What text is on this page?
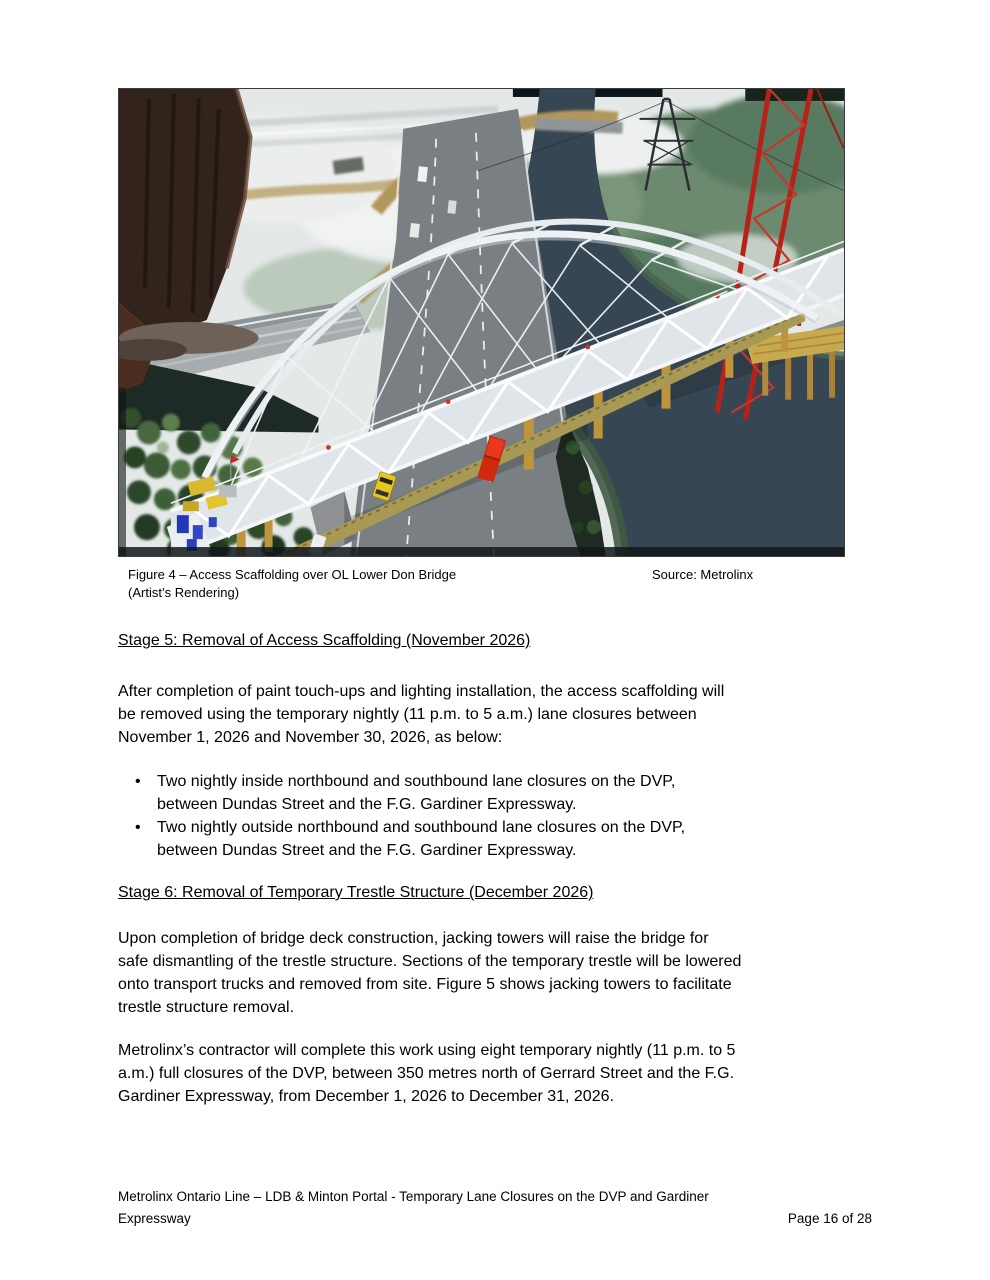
Figure 4 – Access Scaffolding over OL Lower Don Bridge
(Artist’s Rendering)
Source: Metrolinx
Stage 5: Removal of Access Scaffolding (November 2026)
After completion of paint touch-ups and lighting installation, the access scaffolding will
be removed using the temporary nightly (11 p.m. to 5 a.m.) lane closures between
November 1, 2026 and November 30, 2026, as below:
• Two nightly inside northbound and southbound lane closures on the DVP,
between Dundas Street and the F.G. Gardiner Expressway.
• Two nightly outside northbound and southbound lane closures on the DVP,
between Dundas Street and the F.G. Gardiner Expressway.
Stage 6: Removal of Temporary Trestle Structure (December 2026)
Upon completion of bridge deck construction, jacking towers will raise the bridge for
safe dismantling of the trestle structure. Sections of the temporary trestle will be lowered
onto transport trucks and removed from site. Figure 5 shows jacking towers to facilitate
trestle structure removal.
Metrolinx’s contractor will complete this work using eight temporary nightly (11 p.m. to 5
a.m.) full closures of the DVP, between 350 metres north of Gerrard Street and the F.G.
Gardiner Expressway, from December 1, 2026 to December 31, 2026.
Metrolinx Ontario Line – LDB & Minton Portal - Temporary Lane Closures on the DVP and Gardiner
Expressway	Page 16 of 28
